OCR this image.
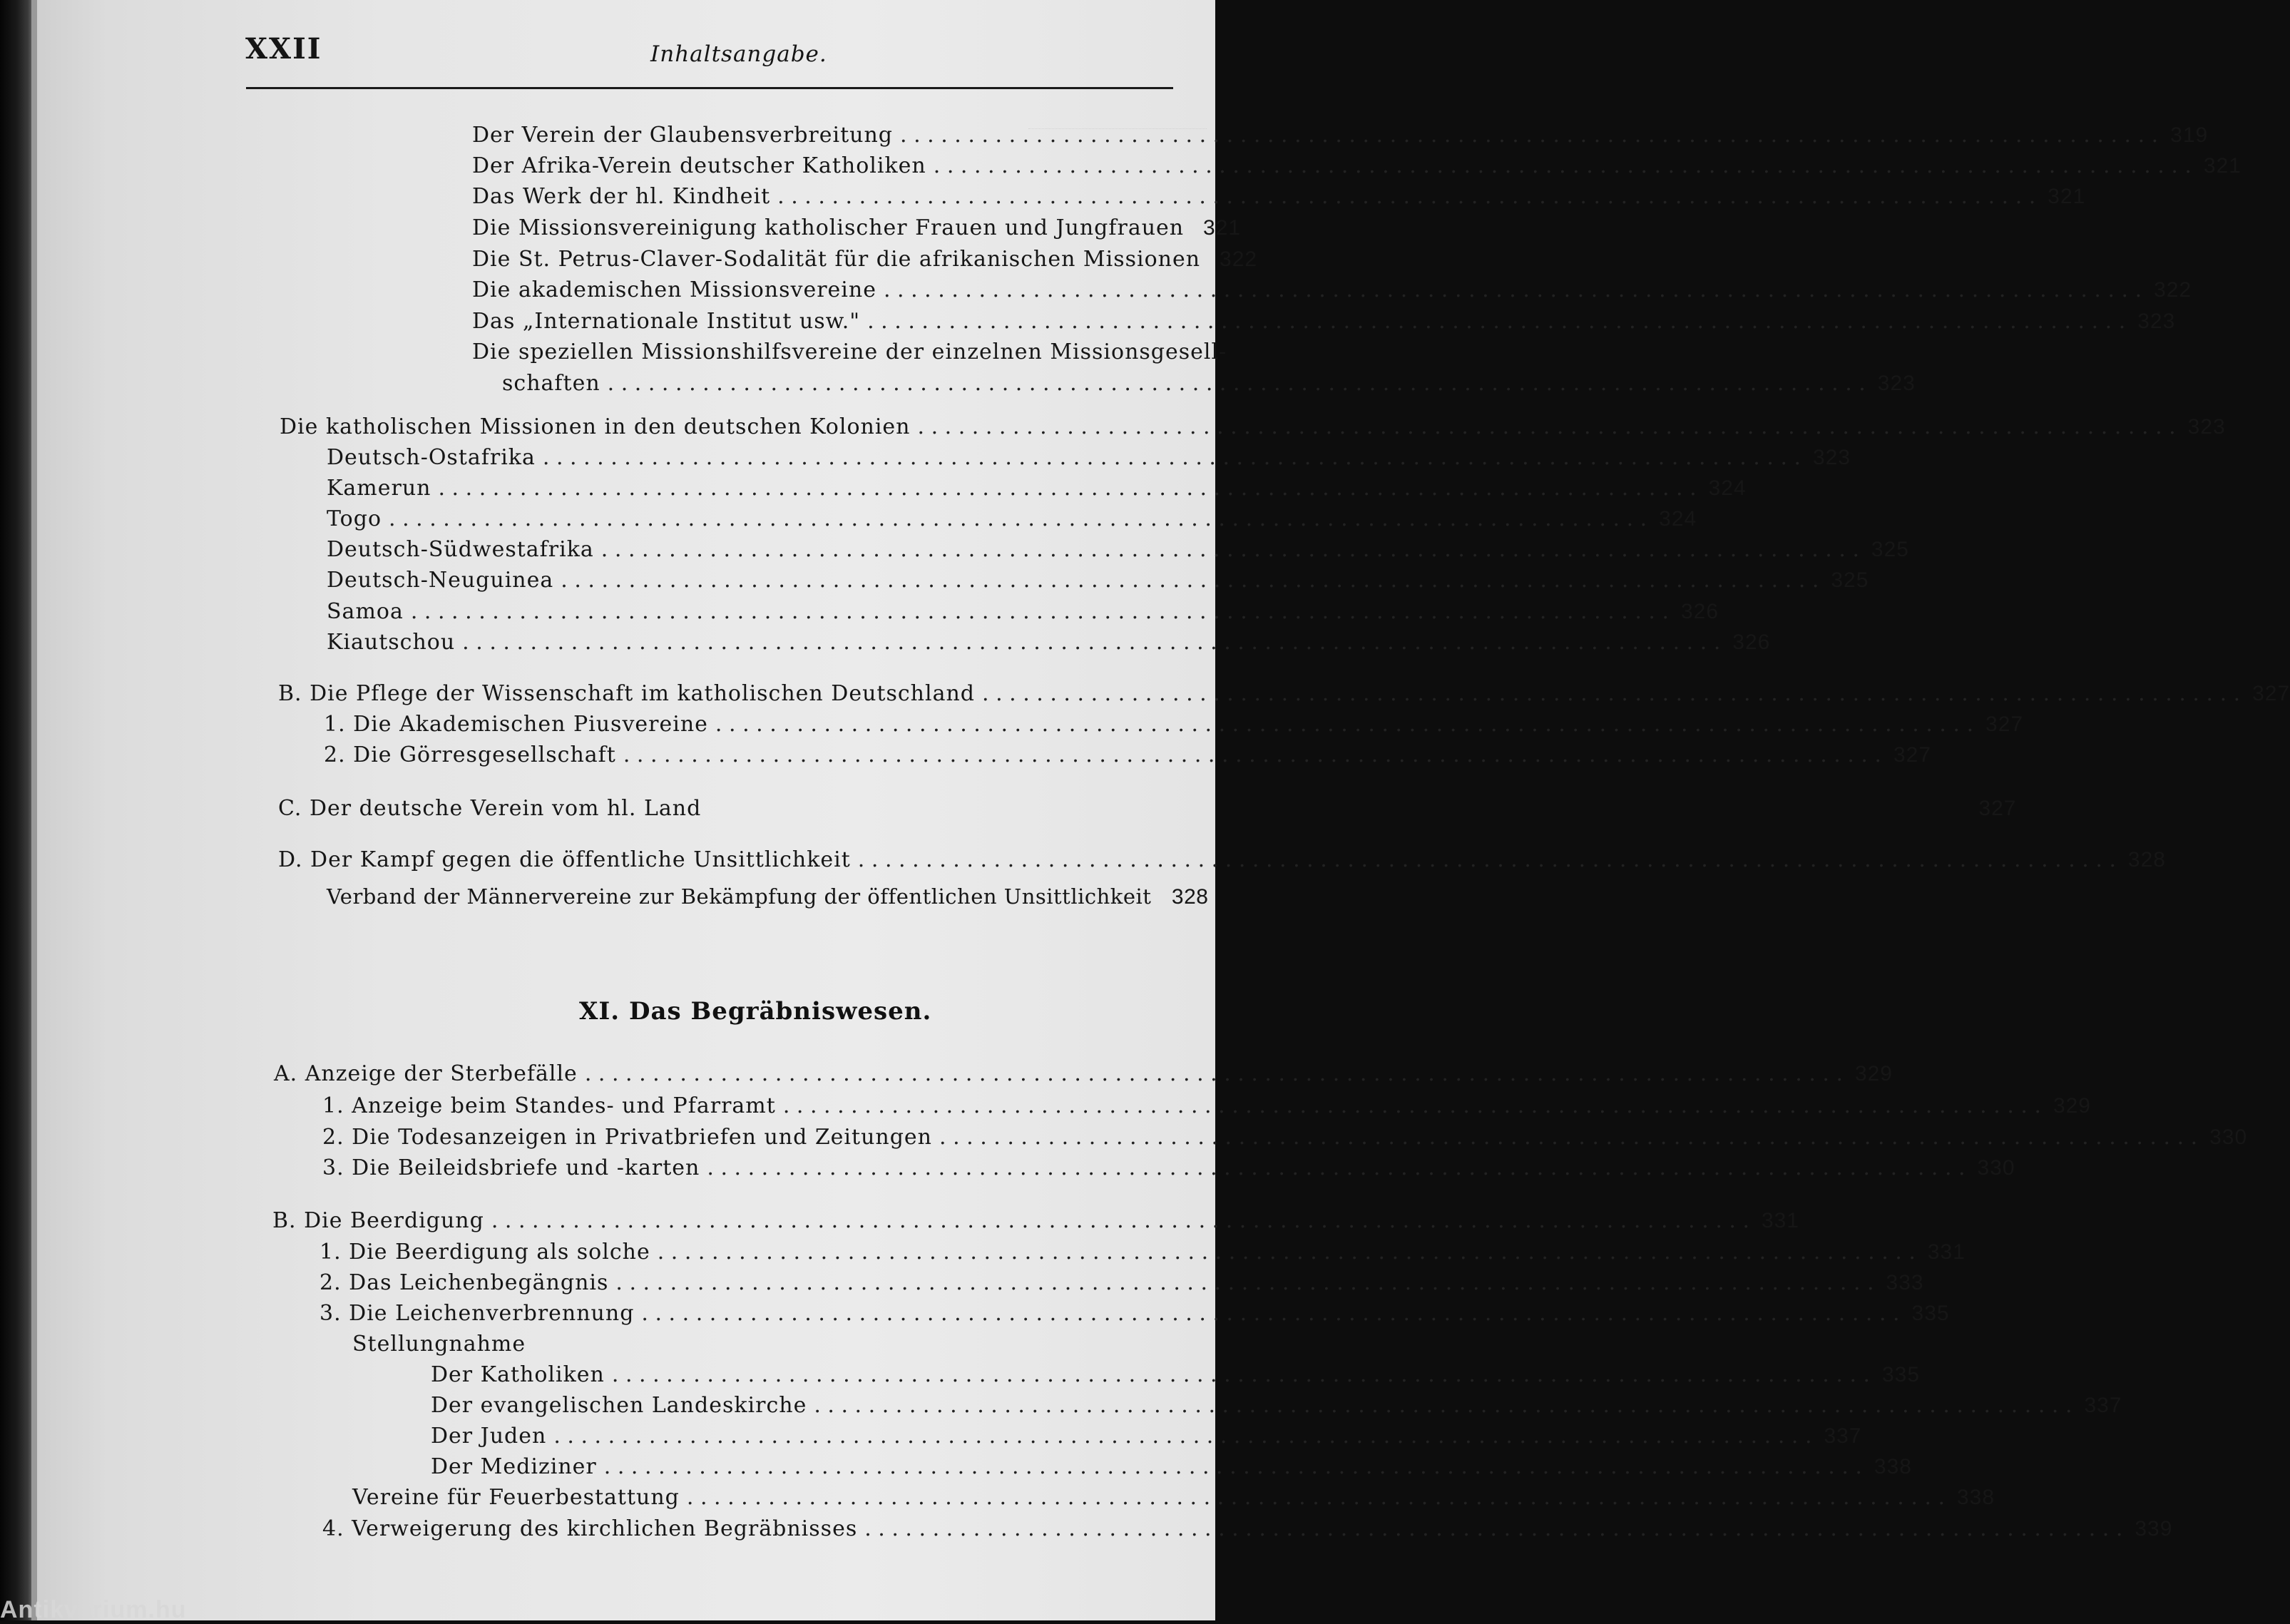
XXII	Inhaltsangabe.
Der Verein der Glaubensverbreitung . . .	319
Der Afrika-Verein deutscher Katholiken . . .	321
Das Werk der hl. Kindheit . . .	321
Die Missionsvereinigung katholischer Frauen und Jungfrauen 321
Die St. Petrus-Claver-Sodalität für die afrikanischen Missionen 322
Die akademischen Missionsvereine . . .	322
Das „Internationale Institut usw." . . .	323
Die speziellen Missionshilfsvereine der einzelnen Missionsgesell-
schaften . . .	323
Die katholischen Missionen in den deutschen Kolonien . . .	323
Deutsch-Ostafrika . . .	323
Kamerun . . .	324
Togo . . .	324
Deutsch-Südwestafrika . . .	325
Deutsch-Neuguinea . . .	325
Samoa . . .	326
Kiautschou . . .	326
B. Die Pflege der Wissenschaft im katholischen Deutschland . . .	327
1. Die Akademischen Piusvereine . . .	327
2. Die Görresgesellschaft . . .	327
C. Der deutsche Verein vom hl. Land	327
D. Der Kampf gegen die öffentliche Unsittlichkeit . . .	328
Verband der Männervereine zur Bekämpfung der öffentlichen Unsittlichkeit 328
XI. Das Begräbniswesen.
A. Anzeige der Sterbefälle . . .	329
1. Anzeige beim Standes- und Pfarramt . . .	329
2. Die Todesanzeigen in Privatbriefen und Zeitungen . . .	330
3. Die Beileidsbriefe und -karten . . .	330
B. Die Beerdigung . . .	331
1. Die Beerdigung als solche . . .	331
2. Das Leichenbegängnis . . .	333
3. Die Leichenverbrennung . . .	335
Stellungnahme
Der Katholiken . . .	335
Der evangelischen Landeskirche . . .	337
Der Juden . . .	337
Der Mediziner . . .	338
Vereine für Feuerbestattung . . .	338
4. Verweigerung des kirchlichen Begräbnisses . . .	339
Antikvárium.hu
